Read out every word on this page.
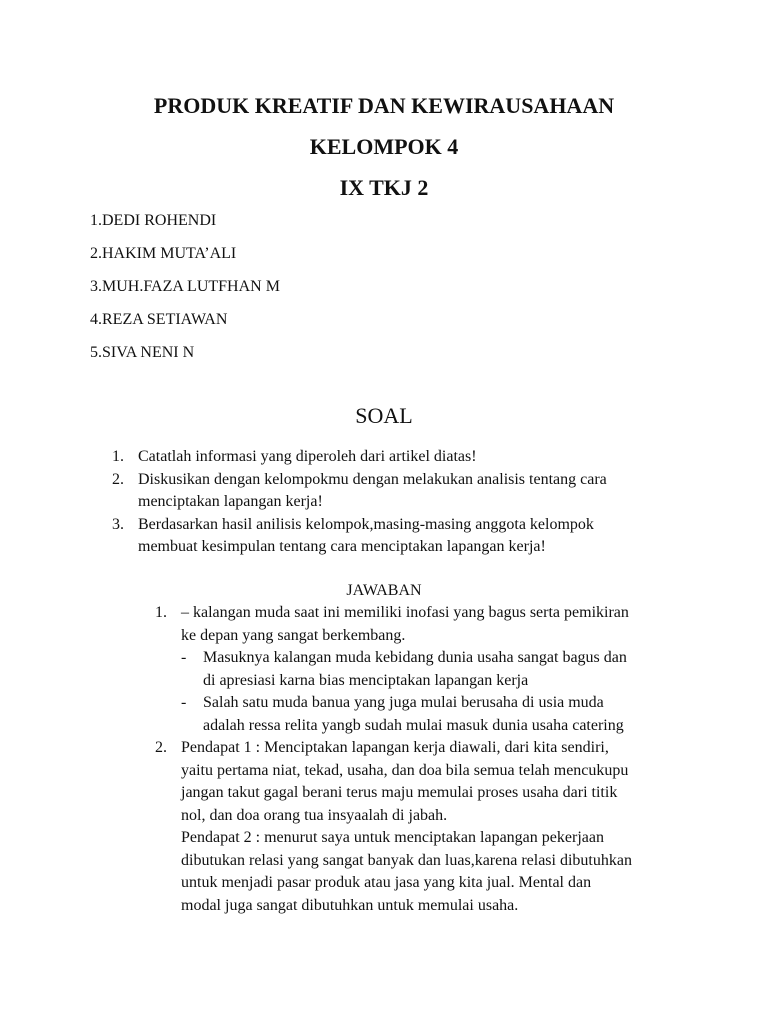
PRODUK KREATIF DAN KEWIRAUSAHAAN
KELOMPOK 4
IX TKJ 2
1.DEDI ROHENDI
2.HAKIM MUTA’ALI
3.MUH.FAZA LUTFHAN M
4.REZA SETIAWAN
5.SIVA NENI N
SOAL
1. Catatlah informasi yang diperoleh dari artikel diatas!
2. Diskusikan dengan kelompokmu dengan melakukan analisis tentang cara
menciptakan lapangan kerja!
3. Berdasarkan hasil anilisis kelompok,masing-masing anggota kelompok
membuat kesimpulan tentang cara menciptakan lapangan kerja!
JAWABAN
1. – kalangan muda saat ini memiliki inofasi yang bagus serta pemikiran
ke depan yang sangat berkembang.
- Masuknya kalangan muda kebidang dunia usaha sangat bagus dan
di apresiasi karna bias menciptakan lapangan kerja
- Salah satu muda banua yang juga mulai berusaha di usia muda
adalah ressa relita yangb sudah mulai masuk dunia usaha catering
2. Pendapat 1 : Menciptakan lapangan kerja diawali, dari kita sendiri,
yaitu pertama niat, tekad, usaha, dan doa bila semua telah mencukupu
jangan takut gagal berani terus maju memulai proses usaha dari titik
nol, dan doa orang tua insyaalah di jabah.
Pendapat 2 : menurut saya untuk menciptakan lapangan pekerjaan
dibutukan relasi yang sangat banyak dan luas,karena relasi dibutuhkan
untuk menjadi pasar produk atau jasa yang kita jual. Mental dan
modal juga sangat dibutuhkan untuk memulai usaha.
